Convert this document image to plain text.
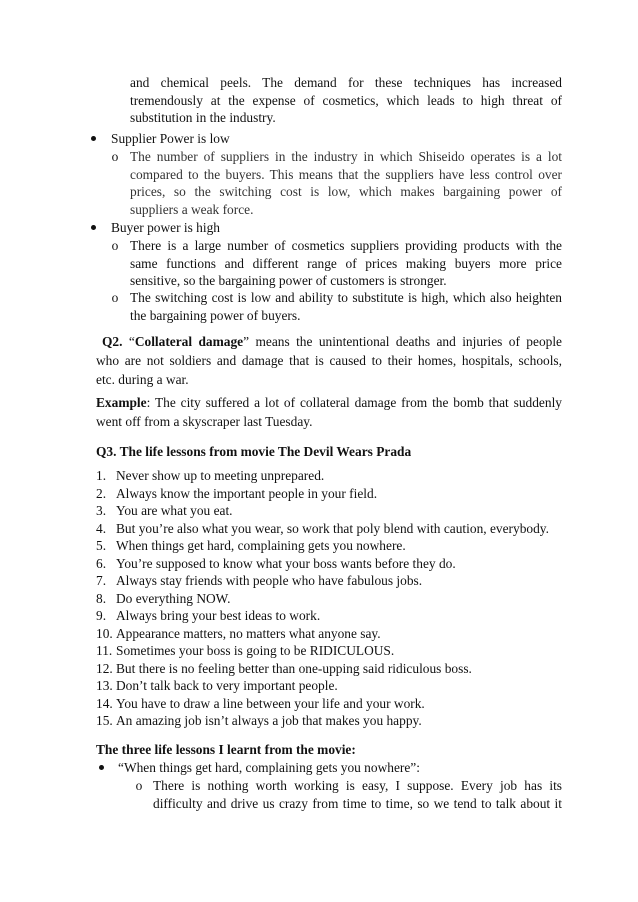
and chemical peels. The demand for these techniques has increased
tremendously at the expense of cosmetics, which leads to high threat of
substitution in the industry.
Supplier Power is low
o The number of suppliers in the industry in which Shiseido operates is a lot
compared to the buyers. This means that the suppliers have less control over
prices, so the switching cost is low, which makes bargaining power of
suppliers a weak force.
Buyer power is high
o There is a large number of cosmetics suppliers providing products with the
same functions and different range of prices making buyers more price
sensitive, so the bargaining power of customers is stronger.
o The switching cost is low and ability to substitute is high, which also heighten
the bargaining power of buyers.
Q2. “Collateral damage” means the unintentional deaths and injuries of people
who are not soldiers and damage that is caused to their homes, hospitals, schools,
etc. during a war.
Example: The city suffered a lot of collateral damage from the bomb that suddenly
went off from a skyscraper last Tuesday.
Q3. The life lessons from movie The Devil Wears Prada
1. Never show up to meeting unprepared.
2. Always know the important people in your field.
3. You are what you eat.
4. But you’re also what you wear, so work that poly blend with caution, everybody.
5. When things get hard, complaining gets you nowhere.
6. You’re supposed to know what your boss wants before they do.
7. Always stay friends with people who have fabulous jobs.
8. Do everything NOW.
9. Always bring your best ideas to work.
10. Appearance matters, no matters what anyone say.
11. Sometimes your boss is going to be RIDICULOUS.
12. But there is no feeling better than one-upping said ridiculous boss.
13. Don’t talk back to very important people.
14. You have to draw a line between your life and your work.
15. An amazing job isn’t always a job that makes you happy.
The three life lessons I learnt from the movie:
“When things get hard, complaining gets you nowhere”:
o There is nothing worth working is easy, I suppose. Every job has its
difficulty and drive us crazy from time to time, so we tend to talk about it
